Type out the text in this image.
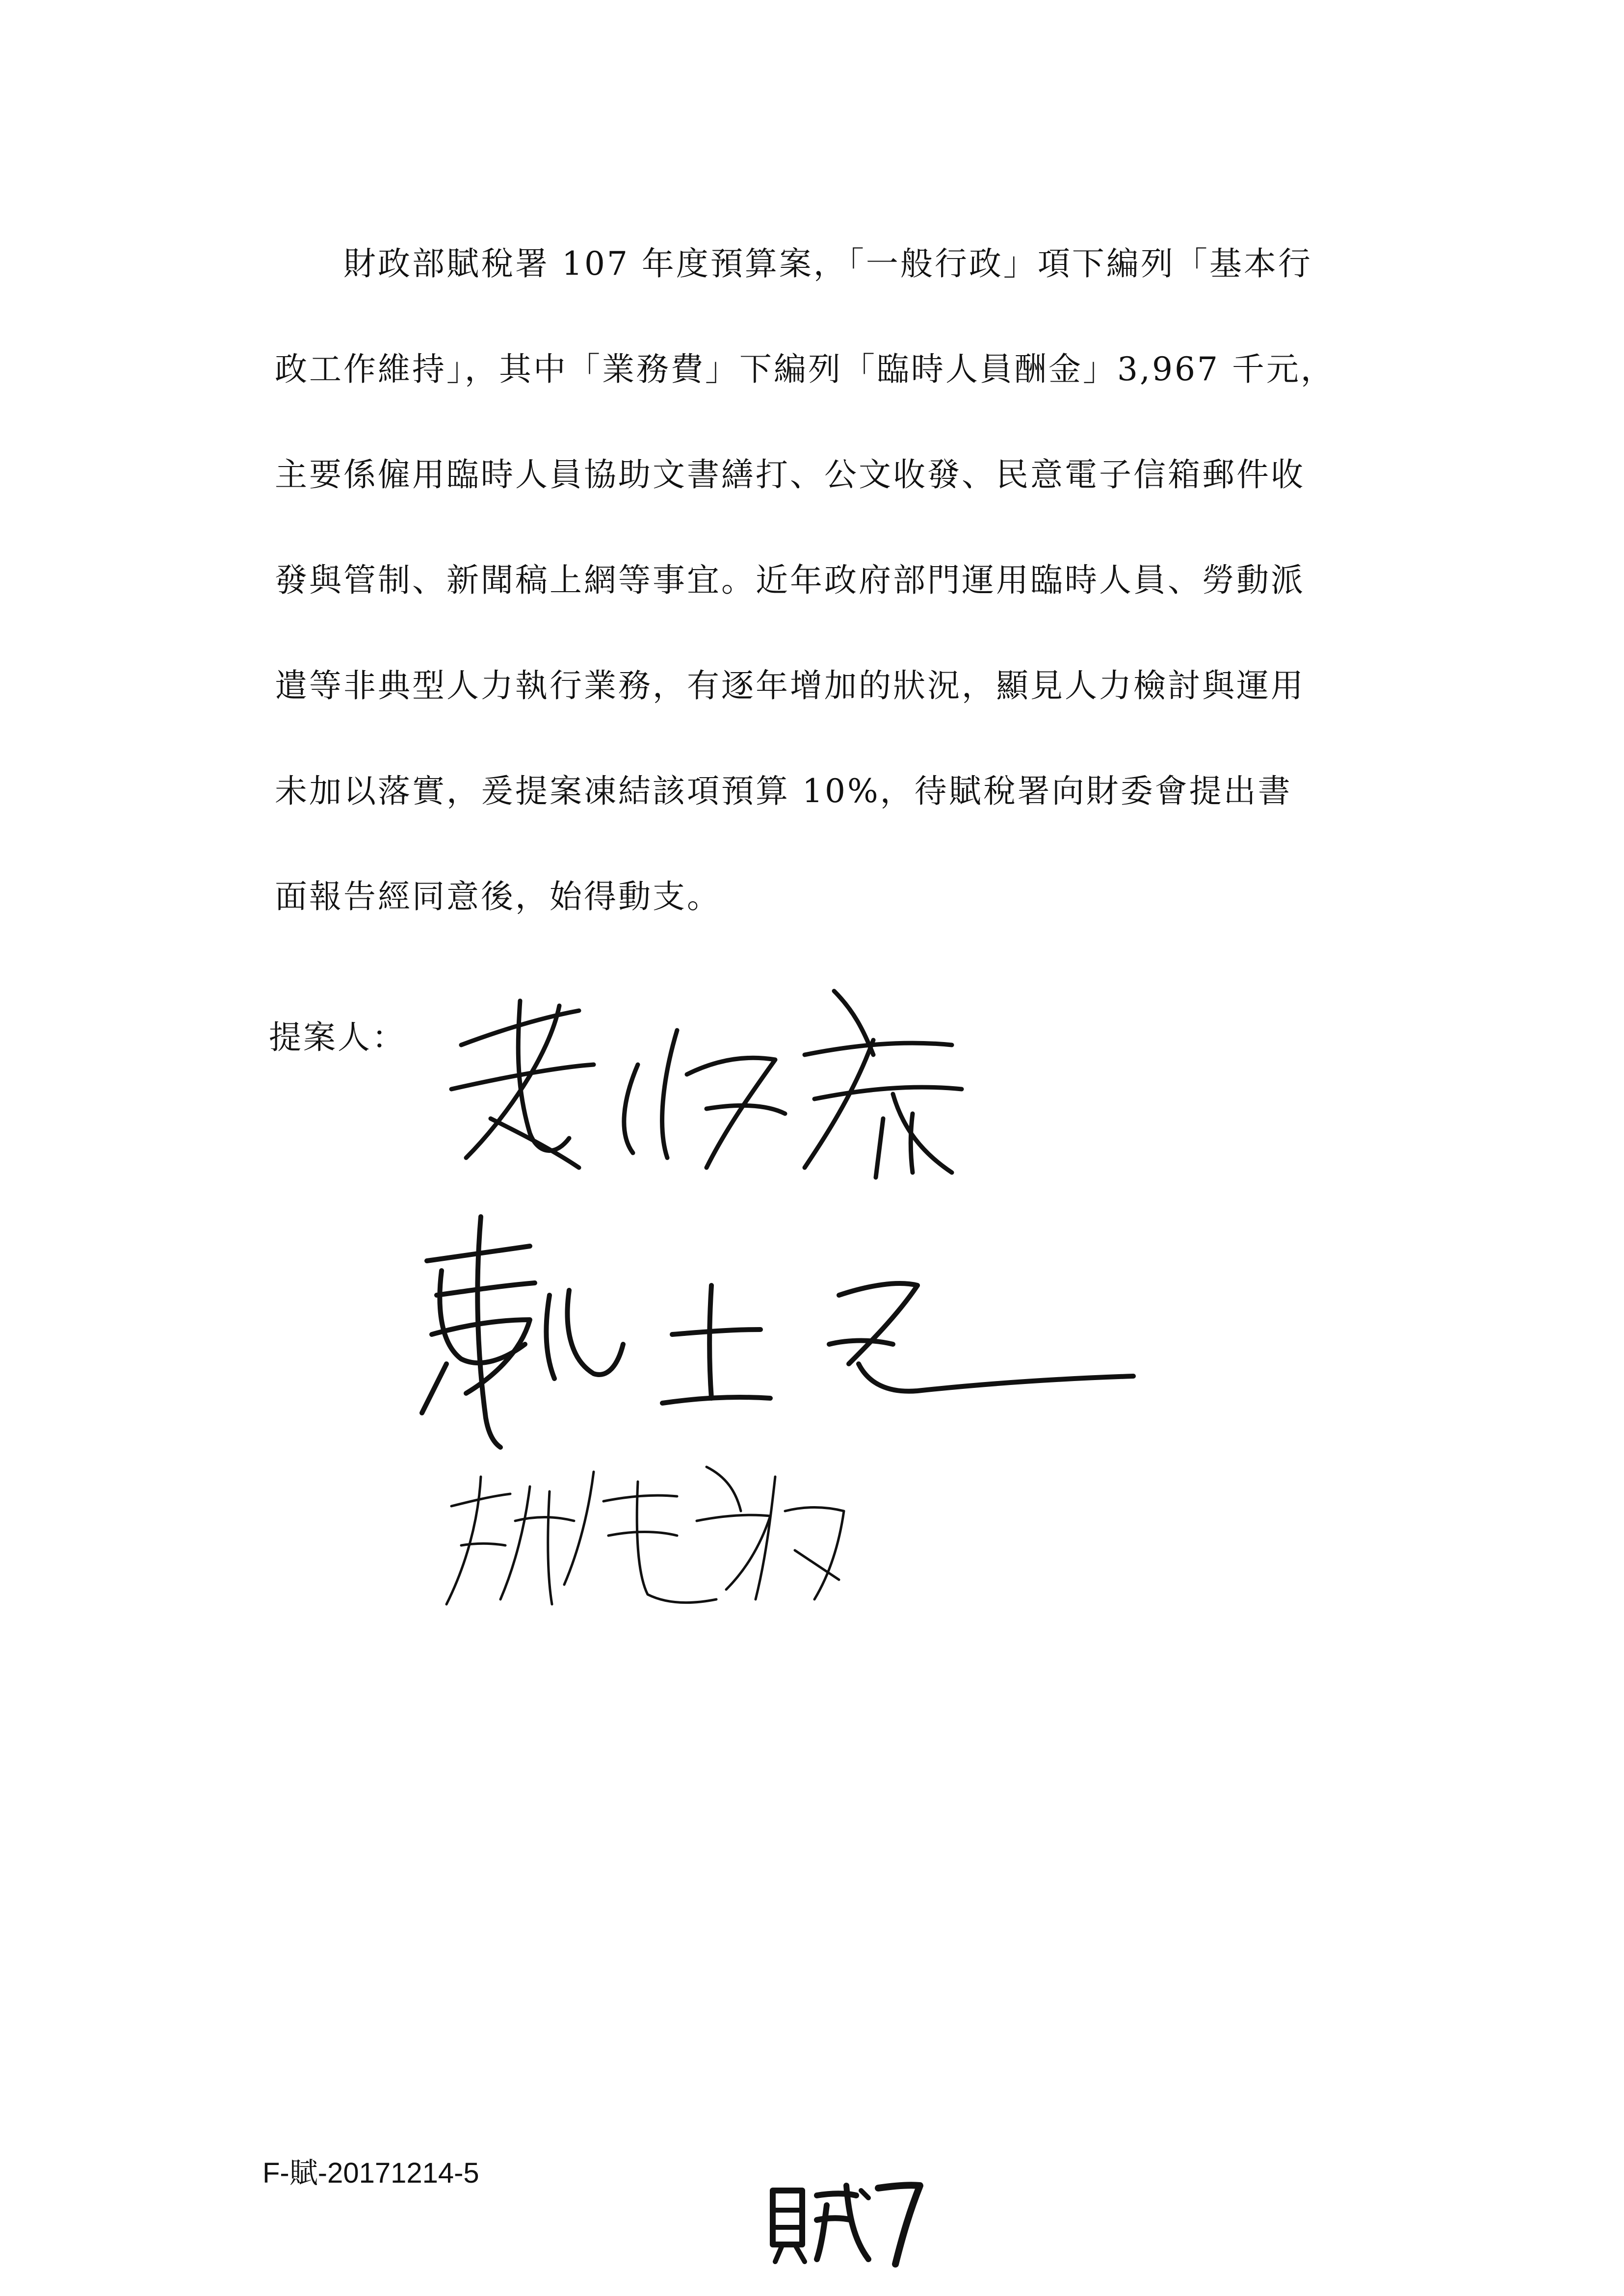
財政部賦稅署 107 年度預算案，「一般行政」項下編列「基本行
政工作維持」，其中「業務費」下編列「臨時人員酬金」3,967 千元，
主要係僱用臨時人員協助文書繕打、公文收發、民意電子信箱郵件收
發與管制、新聞稿上網等事宜。近年政府部門運用臨時人員、勞動派
遣等非典型人力執行業務，有逐年增加的狀況，顯見人力檢討與運用
未加以落實，爰提案凍結該項預算 10%，待賦稅署向財委會提出書
面報告經同意後，始得動支。
提案人：
F-賦-20171214-5
